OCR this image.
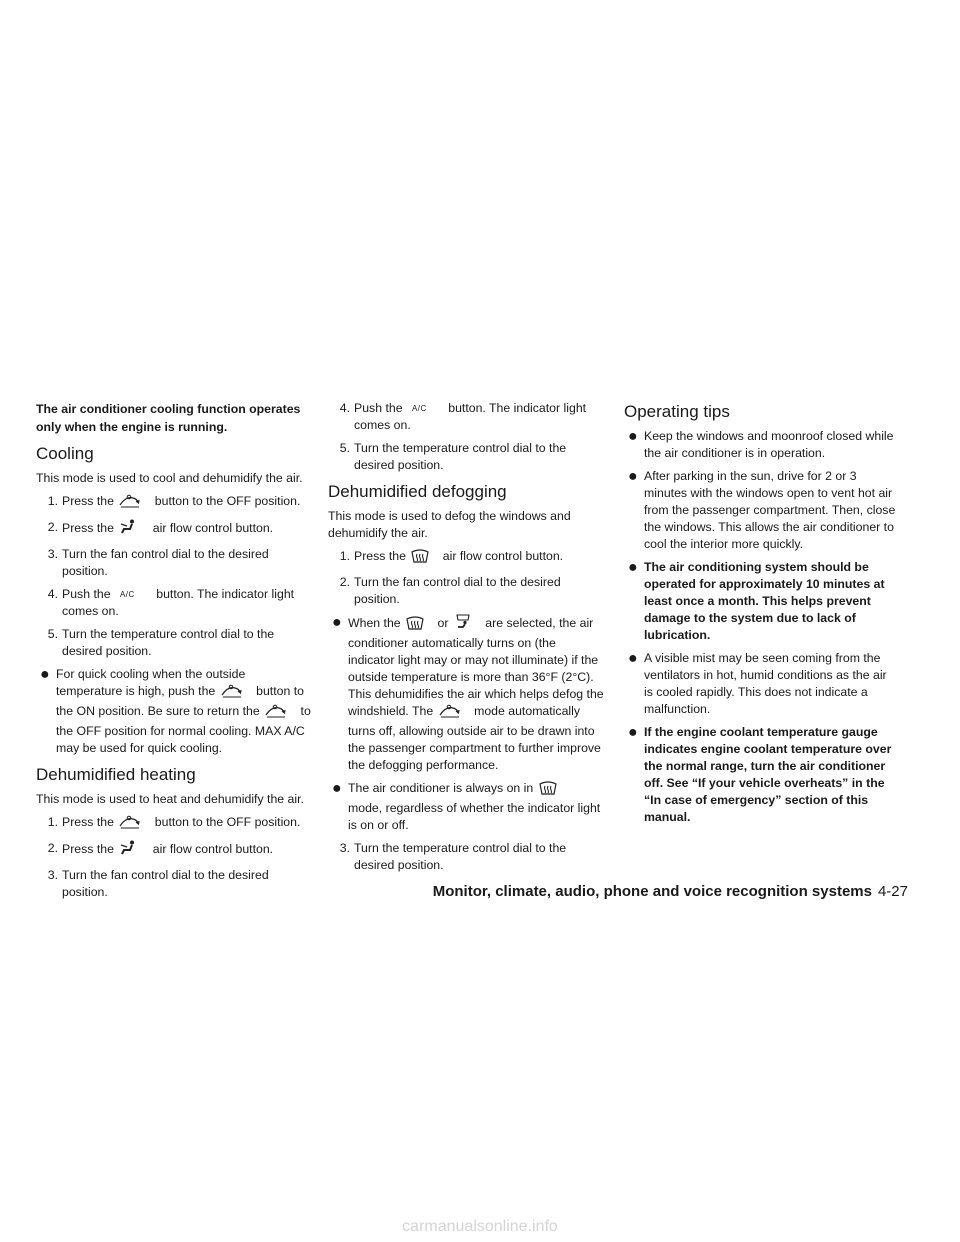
The air conditioner cooling function operates only when the engine is running.

Cooling

This mode is used to cool and dehumidify the air.

1. Press the	button to the OFF position.
2. Press the	air flow control button.
3. Turn the fan control dial to the desired position.
4. Push the A/C button. The indicator light comes on.
5. Turn the temperature control dial to the desired position.
● For quick cooling when the outside temperature is high, push the	button to the ON position. Be sure to return the	to the OFF position for normal cooling. MAX A/C may be used for quick cooling.
Dehumidified heating

This mode is used to heat and dehumidify the air.

1. Press the	button to the OFF position.
2. Press the	air flow control button.
3. Turn the fan control dial to the desired position.
4. Push the A/C button. The indicator light comes on.
5. Turn the temperature control dial to the desired position.
Dehumidified defogging

This mode is used to defog the windows and dehumidify the air.

1. Press the	air flow control button.
2. Turn the fan control dial to the desired position.
● When the	or	are selected, the air conditioner automatically turns on (the indicator light may or may not illuminate) if the outside temperature is more than 36°F (2°C). This dehumidifies the air which helps defog the windshield. The	mode automatically turns off, allowing outside air to be drawn into the passenger compartment to further improve the defogging performance.
● The air conditioner is always on in  mode, regardless of whether the indicator light is on or off.
3. Turn the temperature control dial to the desired position.
Operating tips
● Keep the windows and moonroof closed while the air conditioner is in operation.
● After parking in the sun, drive for 2 or 3 minutes with the windows open to vent hot air from the passenger compartment. Then, close the windows. This allows the air conditioner to cool the interior more quickly.
● The air conditioning system should be operated for approximately 10 minutes at least once a month. This helps prevent damage to the system due to lack of lubrication.
● A visible mist may be seen coming from the ventilators in hot, humid conditions as the air is cooled rapidly. This does not indicate a malfunction.
● If the engine coolant temperature gauge indicates engine coolant temperature over the normal range, turn the air conditioner off. See “If your vehicle overheats” in the “In case of emergency” section of this manual.
Monitor, climate, audio, phone and voice recognition systems 4-27
carmanualsonline.info
